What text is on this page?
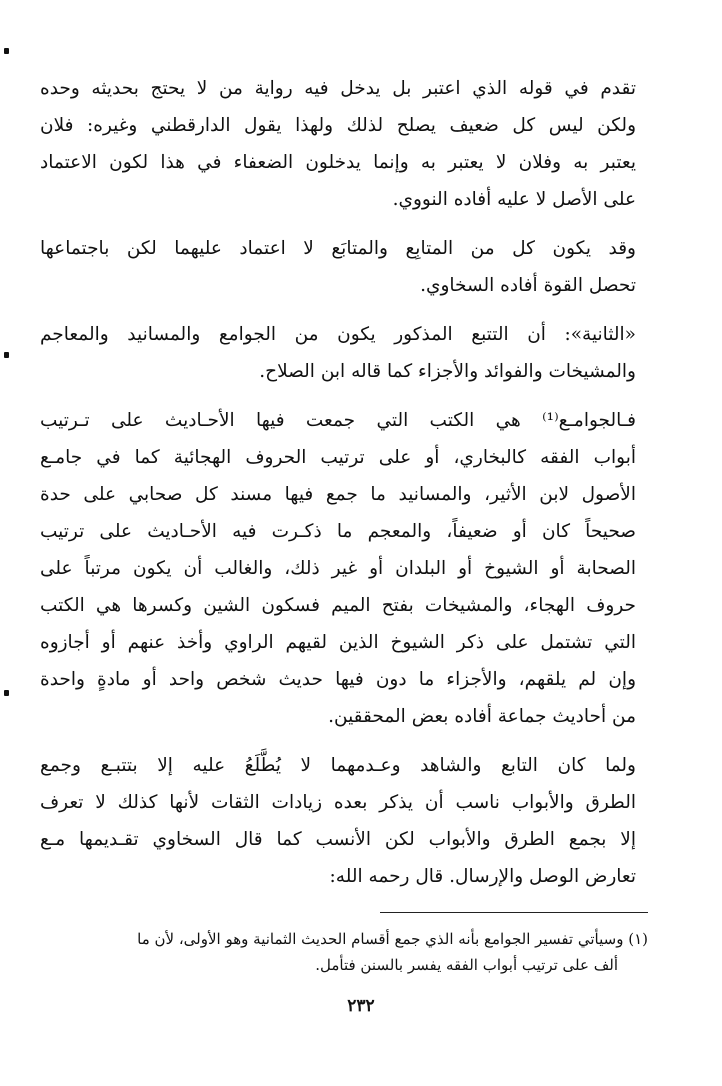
تقدم في قوله الذي اعتبر بل يدخل فيه رواية من لا يحتج بحديثه وحده
ولكن ليس كل ضعيف يصلح لذلك ولهذا يقول الدارقطني وغيره: فلان
يعتبر به وفلان لا يعتبر به وإنما يدخلون الضعفاء في هذا لكون الاعتماد
على الأصل لا عليه أفاده النووي.
وقد يكون كل من المتابِع والمتابَع لا اعتماد عليهما لكن باجتماعها
تحصل القوة أفاده السخاوي.
«الثانية»: أن التتبع المذكور يكون من الجوامع والمسانيد والمعاجم
والمشيخات والفوائد والأجزاء كما قاله ابن الصلاح.
فـالجوامـع⁽¹⁾ هي الكتب التي جمعت فيها الأحـاديث على تـرتيب
أبواب الفقه كالبخاري، أو على ترتيب الحروف الهجائية كما في جامـع
الأصول لابن الأثير، والمسانيد ما جمع فيها مسند كل صحابي على حدة
صحيحاً كان أو ضعيفاً، والمعجم ما ذكـرت فيه الأحـاديث على ترتيب
الصحابة أو الشيوخ أو البلدان أو غير ذلك، والغالب أن يكون مرتباً على
حروف الهجاء، والمشيخات بفتح الميم فسكون الشين وكسرها هي الكتب
التي تشتمل على ذكر الشيوخ الذين لقيهم الراوي وأخذ عنهم أو أجازوه
وإن لم يلقهم، والأجزاء ما دون فيها حديث شخص واحد أو مادةٍ واحدة
من أحاديث جماعة أفاده بعض المحققين.
ولما كان التابع والشاهد وعـدمهما لا يُطَّلَعُ عليه إلا بتتبـع وجمع
الطرق والأبواب ناسب أن يذكر بعده زيادات الثقات لأنها كذلك لا تعرف
إلا بجمع الطرق والأبواب لكن الأنسب كما قال السخاوي تقـديمها مـع
تعارض الوصل والإرسال. قال رحمه الله:
(١) وسيأتي تفسير الجوامع بأنه الذي جمع أقسام الحديث الثمانية وهو الأولى، لأن ما
ألف على ترتيب أبواب الفقه يفسر بالسنن فتأمل.
٢٣٢
